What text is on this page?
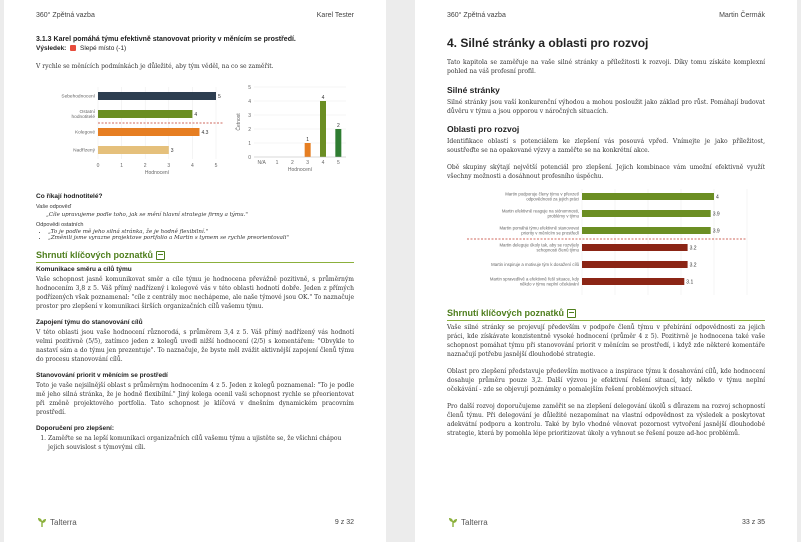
360° Zpětná vazba	Karel Tester
3.1.3 Karel pomáhá týmu efektivně stanovovat priority v měnícím se prostředí.
Výsledek: Slepé místo (-1)

V rychle se měnících podmínkách je důležité, aby tým věděl, na co se zaměřit.

0	1	2	3	4	5
Sebehodnocení	5
Ostatní
hodnotitelé	4
Kolegové	4.3
Nadřízený	3
Hodnocení
0
1
2
3
4
5
N/A 1	2	3
1
4
4
5
2
Četnost
Hodnocení
Co říkají hodnotitelé?
Vaše odpověď
„Cíle upravujeme podle toho, jak se mění hlavní strategie firmy a týmu."
Odpovědi ostatních
• „To je podle mě jeho silná stránka, že je hodně flexibilní."
• „Změnili jsme vyrazne projektove portfolio a Martin s tymem se rychle preorientovali"
Shrnutí klíčových poznatků
Komunikace směru a cílů týmu

Vaše schopnost jasně komunikovat směr a cíle týmu je hodnocena převážně pozitivně, s průměrným hodnocením 3,8 z 5. Váš přímý nadřízený i kolegové vás v této oblasti hodnotí dobře. Jeden z přímých podřízených však poznamenal: "cíle z centrály moc nechápeme, ale naše týmové jsou OK." To naznačuje prostor pro zlepšení v komunikaci širších organizačních cílů vašemu týmu.

Zapojení týmu do stanovování cílů

V této oblasti jsou vaše hodnocení různorodá, s průměrem 3,4 z 5. Váš přímý nadřízený vás hodnotí velmi pozitivně (5/5), zatímco jeden z kolegů uvedl nižší hodnocení (2/5) s komentářem: "Obvykle to nastaví sám a do týmu jen prezentuje". To naznačuje, že byste měl zvážit aktivnější zapojení členů týmu do procesu stanovování cílů.

Stanovování priorit v měnícím se prostředí

Toto je vaše nejsilnější oblast s průměrným hodnocením 4 z 5. Jeden z kolegů poznamenal: "To je podle mě jeho silná stránka, že je hodně flexibilní." Jiný kolega ocenil vaši schopnost rychle se přeorientovat při změně projektového portfolia. Tato schopnost je klíčová v dnešním dynamickém pracovním prostředí.

Doporučení pro zlepšení:
1. Zaměřte se na lepší komunikaci organizačních cílů vašemu týmu a ujistěte se, že všichni chápou jejich souvislost s týmovými cíli.
Talterra	9 z 32
360° Zpětná vazba	Martin Čermák
4. Silné stránky a oblasti pro rozvoj

Tato kapitola se zaměřuje na vaše silné stránky a příležitosti k rozvoji. Díky tomu získáte komplexní pohled na váš profesní profil.

Silné stránky

Silné stránky jsou vaší konkurenční výhodou a mohou posloužit jako základ pro růst. Pomáhají budovat důvěru v týmu a jsou opporou v náročných situacích.

Oblasti pro rozvoj

Identifikace oblastí s potenciálem ke zlepšení vás posouvá vpřed. Vnímejte je jako příležitost, soustřeďte se na opakované výzvy a zaměřte se na konkrétní akce.

Obě skupiny skýtají největší potenciál pro zlepšení. Jejich kombinace vám umožní efektivně využít všechny možnosti a dosáhnout profesního úspěchu.

Martin podporuje členy týmu v převzetí
odpovědnosti za jejich práci	4
Martin efektivně reaguje na siónomnosti,
problémy v týmu	3.9
Martin pomáhá týmu efektivně stanovovat
priority v měnícím se prostředí	3.9
Martin deleguje úkoly tak, aby se rozvíjely
schopnosti členů týmu	3.2
Martin inspiruje a motivuje tým k dosažení cílů	3.2
Martin spravedlivě a efektivně řeší situace, kdy
někdo v týmu neplní očekávání	3.1
Shrnutí klíčových poznatků

Vaše silné stránky se projevují především v podpoře členů týmu v přebírání odpovědnosti za jejich práci, kde získávate konzistentně vysoké hodnocení (průměr 4 z 5). Pozitivně je hodnocena také vaše schopnost pomáhat týmu při stanovování priorit v měnícím se prostředí, i když zde některé komentáře naznačují potřebu jasnější dlouhodobé strategie.

Oblast pro zlepšení představuje především motivace a inspirace týmu k dosahování cílů, kde hodnocení dosahuje průměru pouze 3,2. Další výzvou je efektivní řešení situací, kdy někdo v týmu neplní očekávání - zde se objevují poznámky o pomalejším řešení problémových situací.

Pro další rozvoj doporučujeme zaměřit se na zlepšení delegování úkolů s důrazem na rozvoj schopností členů týmu. Při delegování je důležité nezapomínat na vlastní odpovědnost za výsledek a poskytovat adekvátní podporu a kontrolu. Také by bylo vhodné věnovat pozornost vytvoření jasnější dlouhodobé strategie, která by pomohla lépe prioritizovat úkoly a vyhnout se řešení pouze ad-hoc problémů.

Talterra	33 z 35
